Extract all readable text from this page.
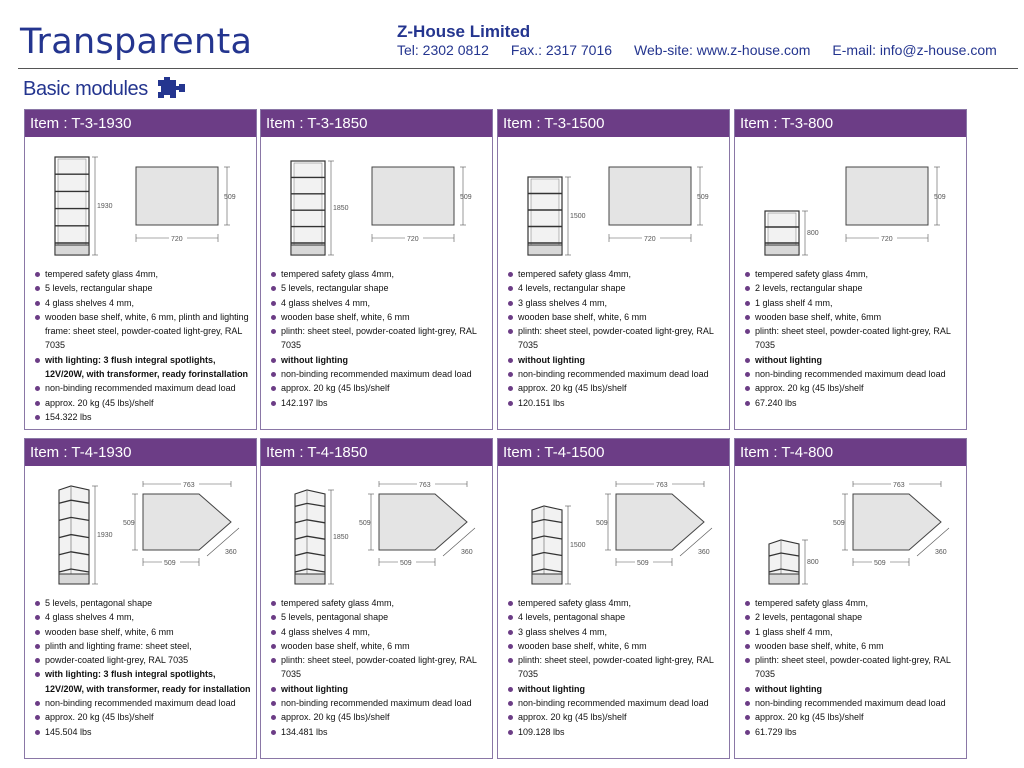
Transparenta	Z-House Limited
Tel: 2302 0812 Fax.: 2317 7016 Web-site: www.z-house.com E-mail: info@z-house.com
Basic modules
Item : T-3-1930
1930
509
720
tempered safety glass 4mm,
5 levels, rectangular shape
4 glass shelves 4 mm,
wooden base shelf, white, 6 mm, plinth and lighting frame: sheet steel, powder-coated light-grey, RAL 7035
with lighting: 3 flush integral spotlights, 12V/20W, with transformer, ready forinstallation
non-binding recommended maximum dead load
approx. 20 kg (45 lbs)/shelf
154.322 lbs
Item : T-3-1850
1850
509
720
tempered safety glass 4mm,
5 levels, rectangular shape
4 glass shelves 4 mm,
wooden base shelf, white, 6 mm
plinth: sheet steel, powder-coated light-grey, RAL 7035
without lighting
non-binding recommended maximum dead load
approx. 20 kg (45 lbs)/shelf
142.197 lbs
Item : T-3-1500
1500
509
720
tempered safety glass 4mm,
4 levels, rectangular shape
3 glass shelves 4 mm,
wooden base shelf, white, 6 mm
plinth: sheet steel, powder-coated light-grey, RAL 7035
without lighting
non-binding recommended maximum dead load
approx. 20 kg (45 lbs)/shelf
120.151 lbs
Item : T-3-800
800
509
720
tempered safety glass 4mm,
2 levels, rectangular shape
1 glass shelf 4 mm,
wooden base shelf, white, 6mm
plinth: sheet steel, powder-coated light-grey, RAL 7035
without lighting
non-binding recommended maximum dead load
approx. 20 kg (45 lbs)/shelf
67.240 lbs
Item : T-4-1930
1930
763
509
509
360
5 levels, pentagonal shape
4 glass shelves 4 mm,
wooden base shelf, white, 6 mm
plinth and lighting frame: sheet steel,
powder-coated light-grey, RAL 7035
with lighting: 3 flush integral spotlights, 12V/20W, with transformer, ready for installation
non-binding recommended maximum dead load
approx. 20 kg (45 lbs)/shelf
145.504 lbs
Item : T-4-1850
1850
763
509
509
360
tempered safety glass 4mm,
5 levels, pentagonal shape
4 glass shelves 4 mm,
wooden base shelf, white, 6 mm
plinth: sheet steel, powder-coated light-grey, RAL 7035
without lighting
non-binding recommended maximum dead load
approx. 20 kg (45 lbs)/shelf
134.481 lbs
Item : T-4-1500
1500
763
509
509
360
tempered safety glass 4mm,
4 levels, pentagonal shape
3 glass shelves 4 mm,
wooden base shelf, white, 6 mm
plinth: sheet steel, powder-coated light-grey, RAL 7035
without lighting
non-binding recommended maximum dead load
approx. 20 kg (45 lbs)/shelf
109.128 lbs
Item : T-4-800
800
763
509
509
360
tempered safety glass 4mm,
2 levels, pentagonal shape
1 glass shelf 4 mm,
wooden base shelf, white, 6 mm
plinth: sheet steel, powder-coated light-grey, RAL 7035
without lighting
non-binding recommended maximum dead load
approx. 20 kg (45 lbs)/shelf
61.729 lbs
